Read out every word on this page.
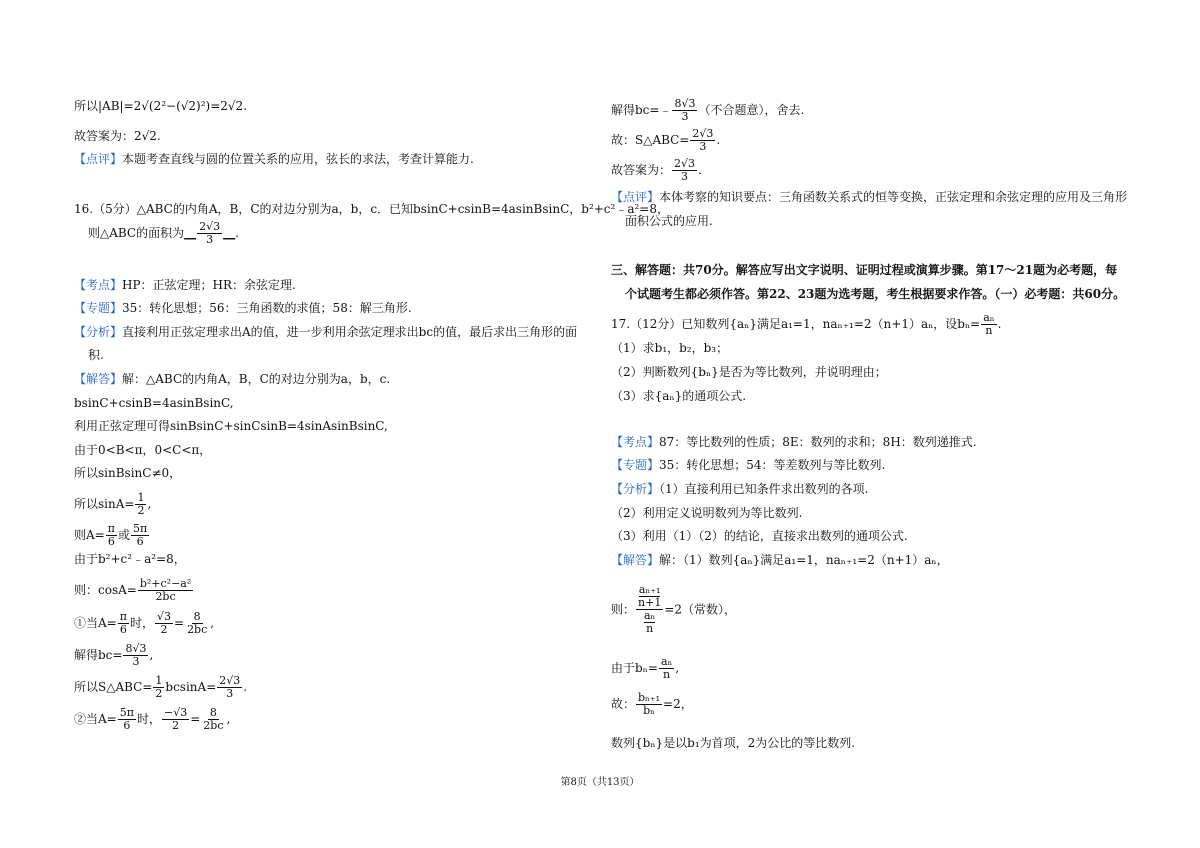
所以|AB|=2√(2²−(√2)²)=2√2.
故答案为：2√2.
【点评】本题考查直线与圆的位置关系的应用，弦长的求法，考查计算能力.
16.（5分）△ABC的内角A，B，C的对边分别为a，b，c．已知bsinC+csinB=4asinBsinC，b²+c²﹣a²=8，
则△ABC的面积为__ $\frac{2√3}{3}$ __.
【考点】HP：正弦定理；HR：余弦定理.
【专题】35：转化思想；56：三角函数的求值；58：解三角形.
【分析】直接利用正弦定理求出A的值，进一步利用余弦定理求出bc的值，最后求出三角形的面
积.
【解答】解：△ABC的内角A，B，C的对边分别为a，b，c.
bsinC+csinB=4asinBsinC,
利用正弦定理可得sinBsinC+sinCsinB=4sinAsinBsinC,
由于0<B<π，0<C<π，
所以sinBsinC≠0，
所以$\sin A= \frac{1}{2}$ ,
则$A= \frac{\pi}{6}$ 或 $\frac{5\pi}{6}$
由于b²+c²﹣a²=8，
则：$\cos A= \frac{\text{b²+c²−a²}}{2bc}$
①当$A= \frac{\pi}{6}$ 时， $\frac{√3}{2} = \frac{8}{2bc}$ ,
解得$bc= \frac{8√3}{3}$ ,
所以S△ABC= $\frac{1}{2} bcsinA= \frac{2√3}{3}$ .
②当$A= \frac{5\pi}{6}$ 时， $\frac{-√3}{2} = \frac{8}{2bc}$ ,
解得bc=﹣ $\frac{8√3}{3}$ （不合题意），舍去.
故：S△ABC= $\frac{2√3}{3}$ .
故答案为： $\frac{2√3}{3}$ .
【点评】本体考察的知识要点：三角函数关系式的恒等变换，正弦定理和余弦定理的应用及三角形
面积公式的应用.
三、解答题：共70分。解答应写出文字说明、证明过程或演算步骤。第17～21题为必考题，每
个试题考生都必须作答。第22、23题为选考题，考生根据要求作答。（一）必考题：共60分。
17.（12分）已知数列{aₙ}满足a₁=1，naₙ₊₁=2（n+1）aₙ，设$b_n= \frac{\text{aₙ}}{n}$ .
（1）求b₁，b₂，b₃；
（2）判断数列{bₙ}是否为等比数列，并说明理由；
（3）求{aₙ}的通项公式.
【考点】87：等比数列的性质；8E：数列的求和；8H：数列递推式.
【专题】35：转化思想；54：等差数列与等比数列.
【分析】（1）直接利用已知条件求出数列的各项.
（2）利用定义说明数列为等比数列.
（3）利用（1）（2）的结论，直接求出数列的通项公式.
【解答】解：（1）数列{aₙ}满足a₁=1，naₙ₊₁=2（n+1）aₙ，
则： aₙ₊₁
n+1
aₙ
n =2（常数），
由于$b_n= \frac{\text{aₙ}}{n}$ ,
故： $\frac{\text{bₙ₊₁}}{\text{bₙ}} =2$，
数列{bₙ}是以b₁为首项，2为公比的等比数列.
第8页（共13页）
